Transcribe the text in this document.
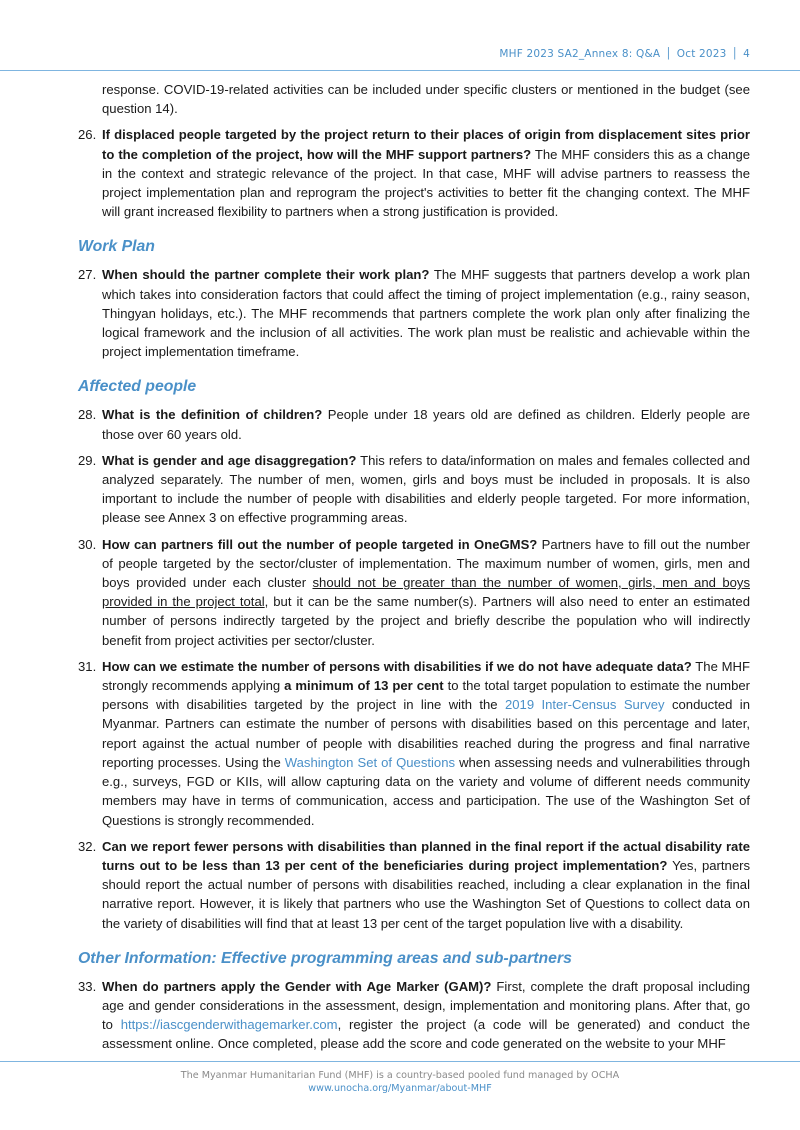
MHF 2023 SA2_Annex 8: Q&A │ Oct 2023 │ 4

response. COVID-19-related activities can be included under specific clusters or mentioned in the budget (see question 14).

26. If displaced people targeted by the project return to their places of origin from displacement sites prior to the completion of the project, how will the MHF support partners? The MHF considers this as a change in the context and strategic relevance of the project. In that case, MHF will advise partners to reassess the project implementation plan and reprogram the project's activities to better fit the changing context. The MHF will grant increased flexibility to partners when a strong justification is provided.

Work Plan

27. When should the partner complete their work plan? The MHF suggests that partners develop a work plan which takes into consideration factors that could affect the timing of project implementation (e.g., rainy season, Thingyan holidays, etc.). The MHF recommends that partners complete the work plan only after finalizing the logical framework and the inclusion of all activities. The work plan must be realistic and achievable within the project implementation timeframe.

Affected people

28. What is the definition of children? People under 18 years old are defined as children. Elderly people are those over 60 years old.

29. What is gender and age disaggregation? This refers to data/information on males and females collected and analyzed separately. The number of men, women, girls and boys must be included in proposals. It is also important to include the number of people with disabilities and elderly people targeted. For more information, please see Annex 3 on effective programming areas.

30. How can partners fill out the number of people targeted in OneGMS? Partners have to fill out the number of people targeted by the sector/cluster of implementation. The maximum number of women, girls, men and boys provided under each cluster should not be greater than the number of women, girls, men and boys provided in the project total, but it can be the same number(s). Partners will also need to enter an estimated number of persons indirectly targeted by the project and briefly describe the population who will indirectly benefit from project activities per sector/cluster.

31. How can we estimate the number of persons with disabilities if we do not have adequate data? The MHF strongly recommends applying a minimum of 13 per cent to the total target population to estimate the number persons with disabilities targeted by the project in line with the 2019 Inter-Census Survey conducted in Myanmar. Partners can estimate the number of persons with disabilities based on this percentage and later, report against the actual number of people with disabilities reached during the progress and final narrative reporting processes. Using the Washington Set of Questions when assessing needs and vulnerabilities through e.g., surveys, FGD or KIIs, will allow capturing data on the variety and volume of different needs community members may have in terms of communication, access and participation. The use of the Washington Set of Questions is strongly recommended.

32. Can we report fewer persons with disabilities than planned in the final report if the actual disability rate turns out to be less than 13 per cent of the beneficiaries during project implementation? Yes, partners should report the actual number of persons with disabilities reached, including a clear explanation in the final narrative report. However, it is likely that partners who use the Washington Set of Questions to collect data on the variety of disabilities will find that at least 13 per cent of the target population live with a disability.

Other Information: Effective programming areas and sub-partners

33. When do partners apply the Gender with Age Marker (GAM)? First, complete the draft proposal including age and gender considerations in the assessment, design, implementation and monitoring plans. After that, go to https://iascgenderwithagemarker.com, register the project (a code will be generated) and conduct the assessment online. Once completed, please add the score and code generated on the website to your MHF

The Myanmar Humanitarian Fund (MHF) is a country-based pooled fund managed by OCHA
www.unocha.org/Myanmar/about-MHF
